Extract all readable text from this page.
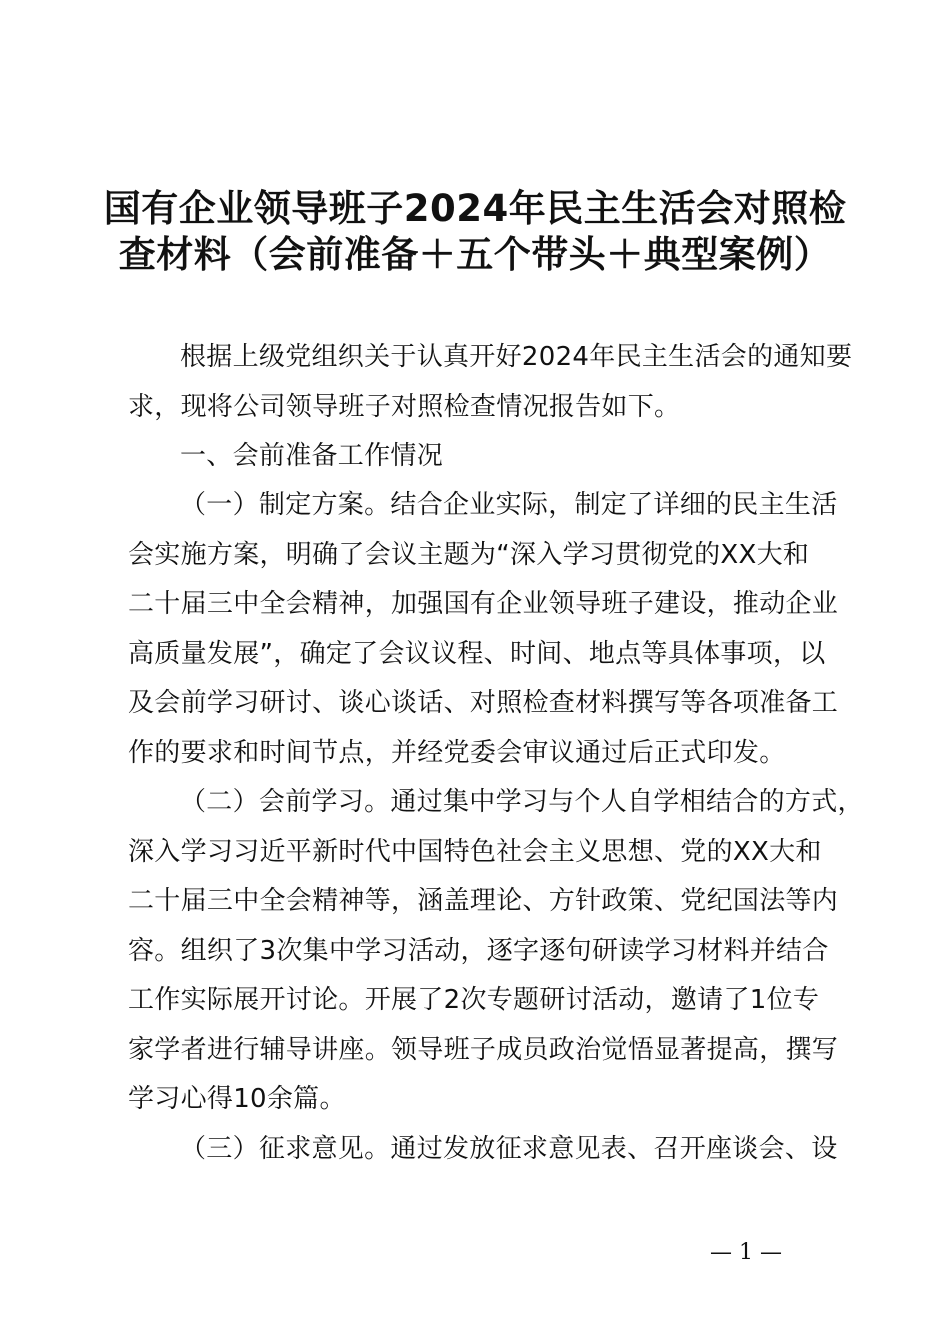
国有企业领导班子2024年民主生活会对照检
查材料（会前准备＋五个带头＋典型案例）
根据上级党组织关于认真开好2024年民主生活会的通知要
求，现将公司领导班子对照检查情况报告如下。
一、会前准备工作情况
（一）制定方案。结合企业实际，制定了详细的民主生活
会实施方案，明确了会议主题为“深入学习贯彻党的XX大和
二十届三中全会精神，加强国有企业领导班子建设，推动企业
高质量发展”，确定了会议议程、时间、地点等具体事项，以
及会前学习研讨、谈心谈话、对照检查材料撰写等各项准备工
作的要求和时间节点，并经党委会审议通过后正式印发。
（二）会前学习。通过集中学习与个人自学相结合的方式，
深入学习习近平新时代中国特色社会主义思想、党的XX大和
二十届三中全会精神等，涵盖理论、方针政策、党纪国法等内
容。组织了3次集中学习活动，逐字逐句研读学习材料并结合
工作实际展开讨论。开展了2次专题研讨活动，邀请了1位专
家学者进行辅导讲座。领导班子成员政治觉悟显著提高，撰写
学习心得10余篇。
（三）征求意见。通过发放征求意见表、召开座谈会、设
— 1 —
